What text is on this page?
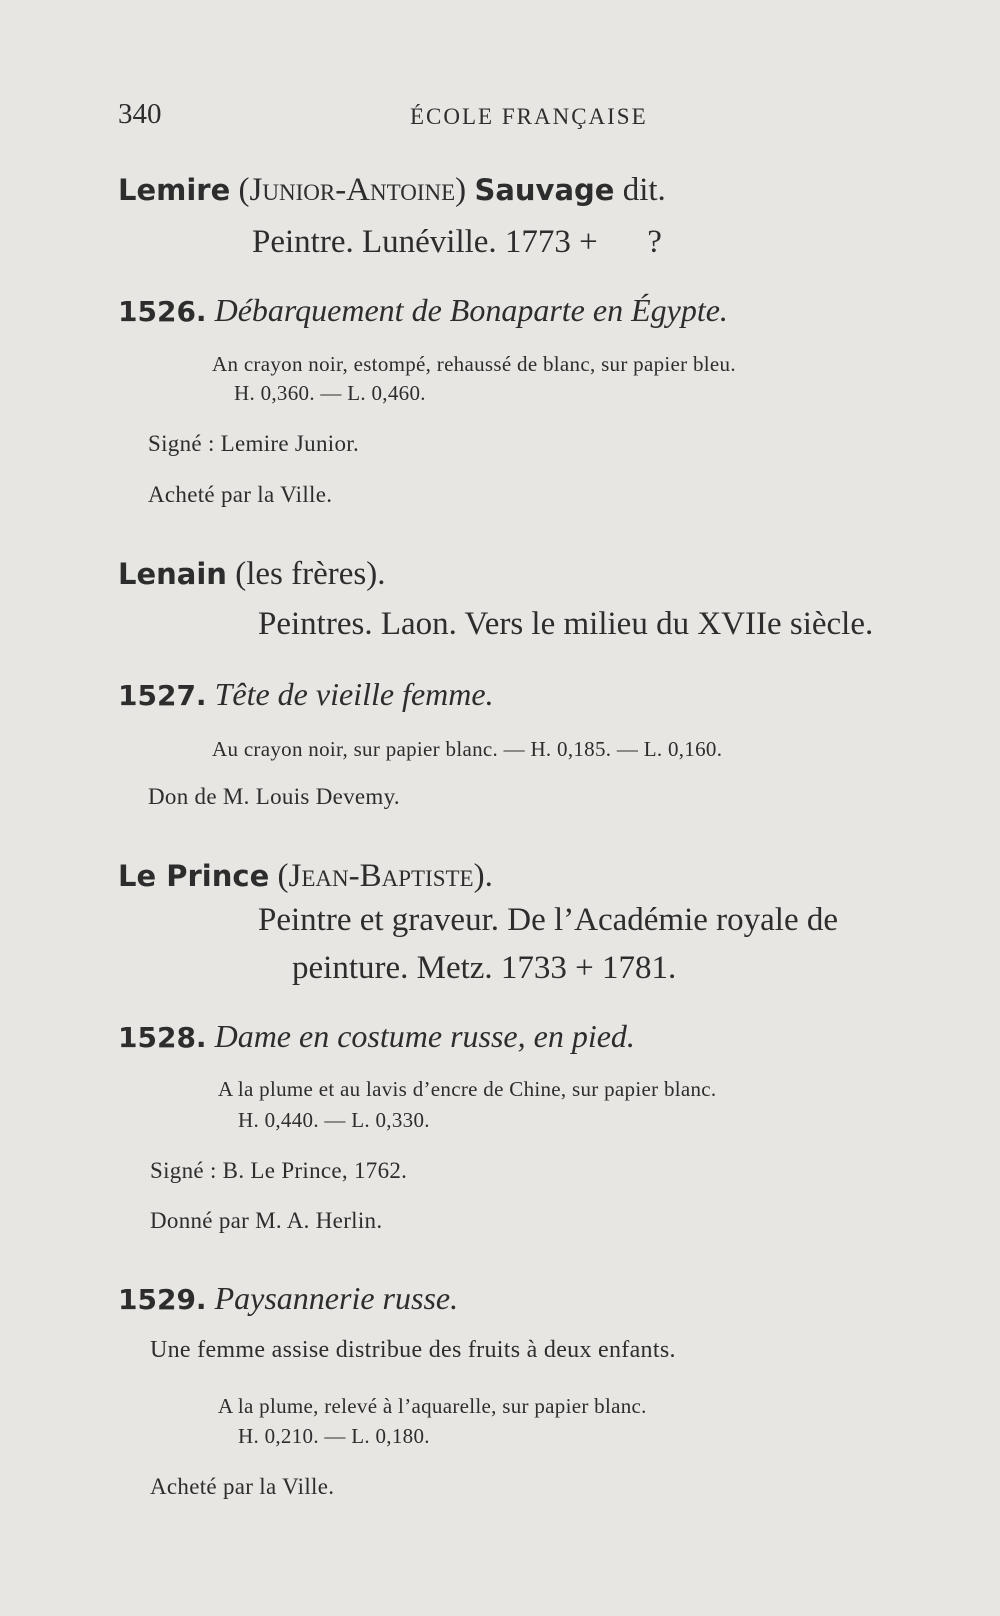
340	ÉCOLE FRANÇAISE
Lemire (Junior-Antoine) Sauvage dit.
Peintre. Lunéville. 1773 +      ?
1526. Débarquement de Bonaparte en Égypte.
An crayon noir, estompé, rehaussé de blanc, sur papier bleu.
H. 0,360. — L. 0,460.
Signé : Lemire Junior.
Acheté par la Ville.
Lenain (les frères).
Peintres. Laon. Vers le milieu du XVIIe siècle.
1527. Tête de vieille femme.
Au crayon noir, sur papier blanc. — H. 0,185. — L. 0,160.
Don de M. Louis Devemy.
Le Prince (Jean-Baptiste).
Peintre et graveur. De l’Académie royale de
peinture. Metz. 1733 + 1781.
1528. Dame en costume russe, en pied.
A la plume et au lavis d’encre de Chine, sur papier blanc.
H. 0,440. — L. 0,330.
Signé : B. Le Prince, 1762.
Donné par M. A. Herlin.
1529. Paysannerie russe.
Une femme assise distribue des fruits à deux enfants.
A la plume, relevé à l’aquarelle, sur papier blanc.
H. 0,210. — L. 0,180.
Acheté par la Ville.
